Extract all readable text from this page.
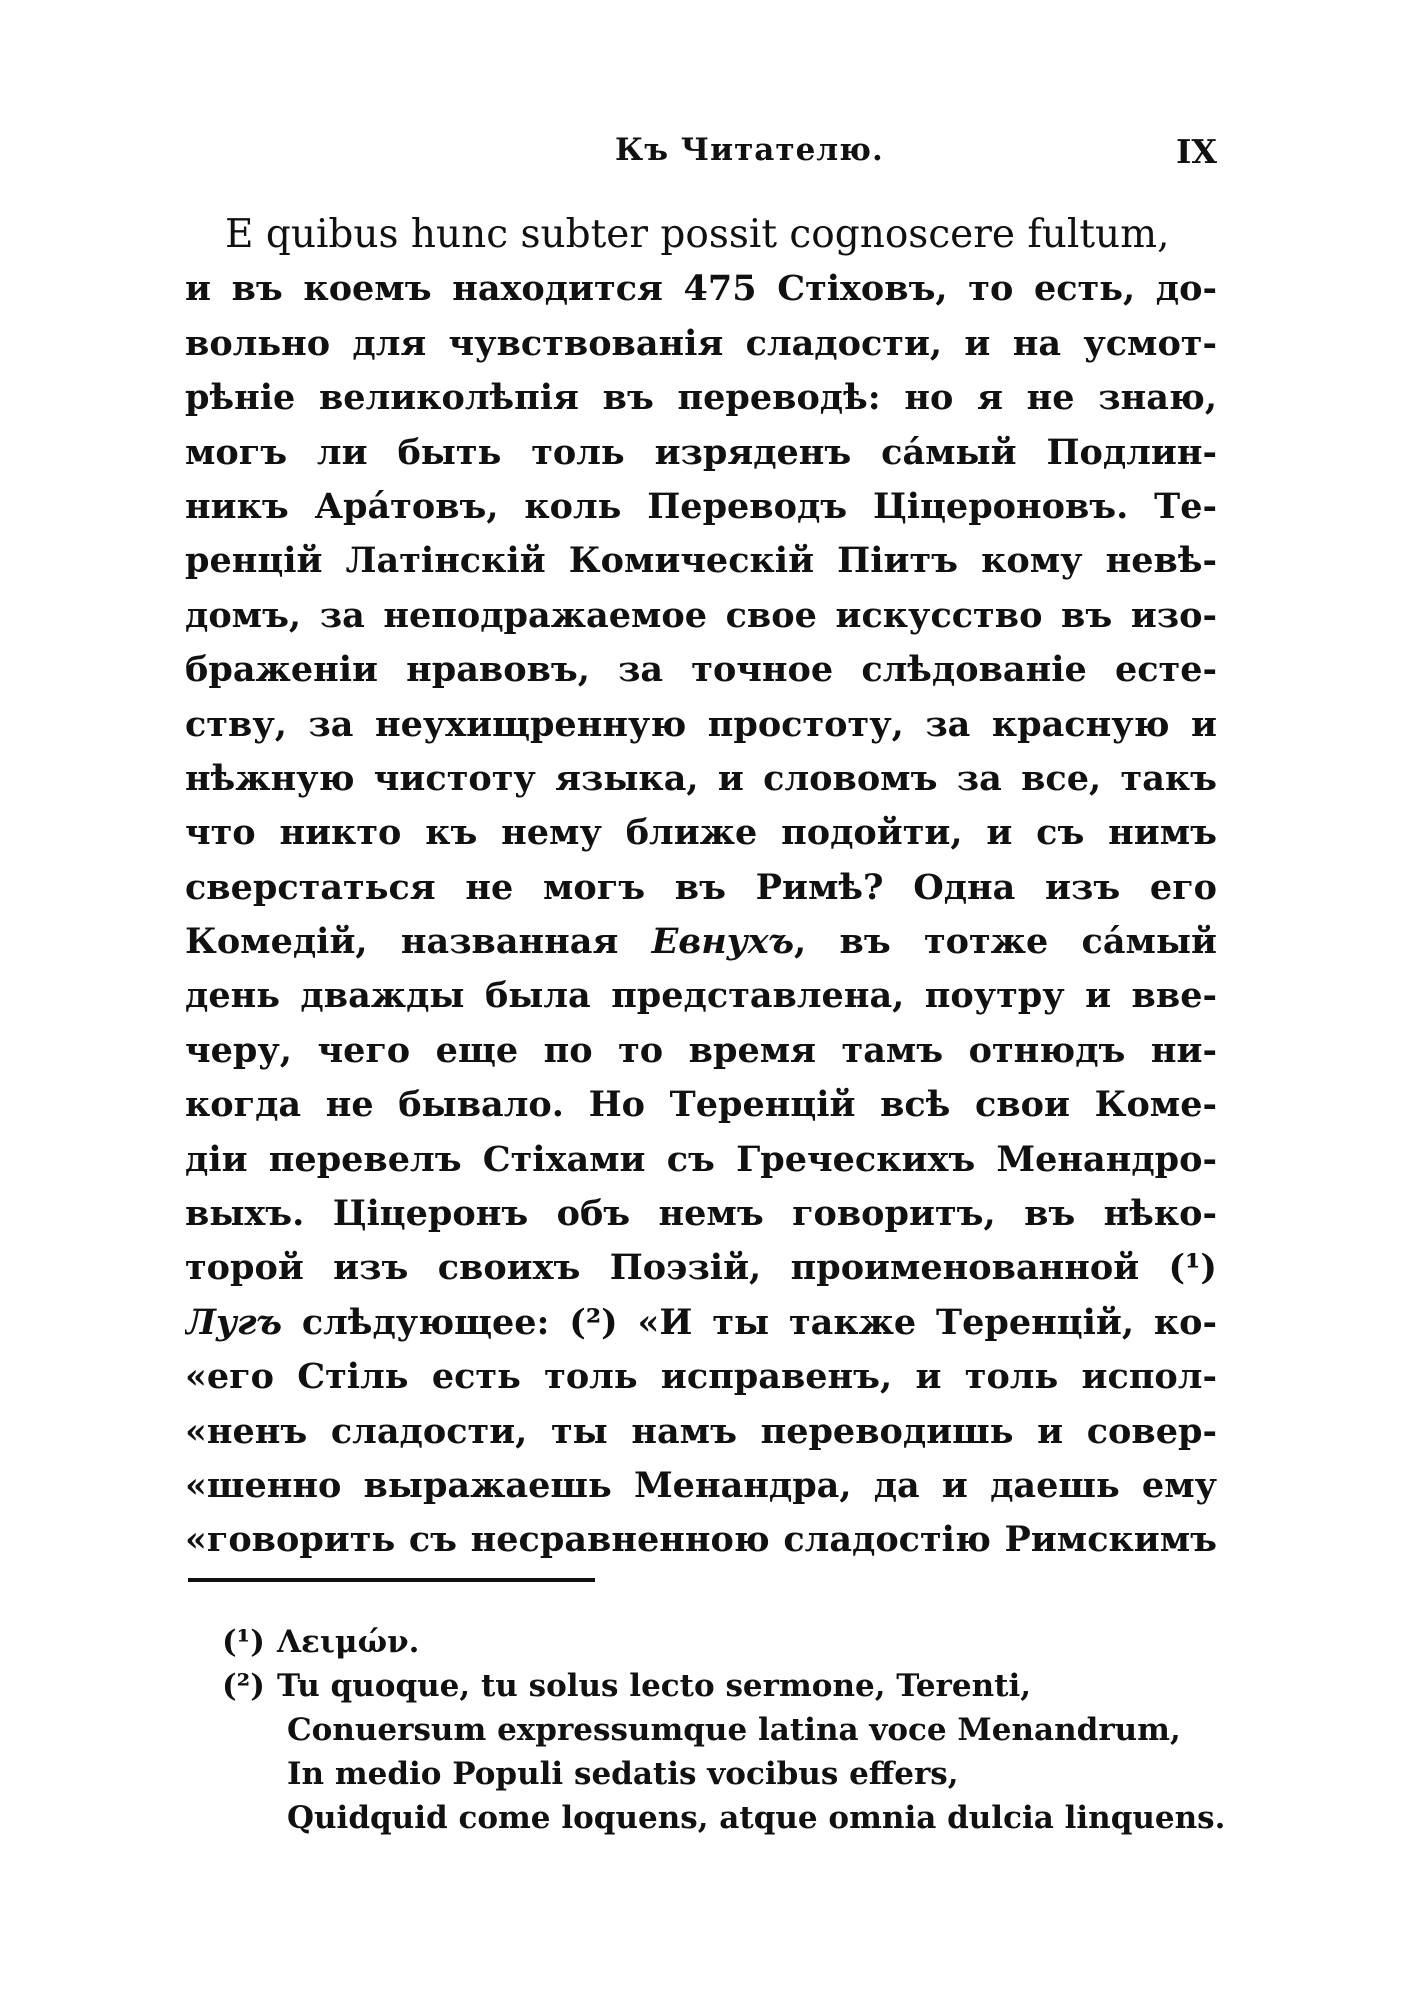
Къ Читателю.	IX
E quibus hunc subter possit cognoscere fultum,
и въ коемъ находится 475 Стіховъ, то есть, до-
вольно для чувствованія сладости, и на усмот-
рѣніе великолѣпія въ переводѣ: но я не знаю,
могъ ли быть толь изряденъ са́мый Подлин-
никъ Ара́товъ, коль Переводъ Ціцероновъ. Те-
ренцій Латінскій Комическій Піитъ кому невѣ-
домъ, за неподражаемое свое искусство въ изо-
браженіи нравовъ, за точное слѣдованіе есте-
ству, за неухищренную простоту, за красную и
нѣжную чистоту языка, и словомъ за все, такъ
что никто къ нему ближе подойти, и съ нимъ
сверстаться не могъ въ Римѣ? Одна изъ его
Комедій, названная Евнухъ, въ тотже са́мый
день дважды была представлена, поутру и вве-
черу, чего еще по то время тамъ отнюдъ ни-
когда не бывало. Но Теренцій всѣ свои Коме-
діи перевелъ Стіхами съ Греческихъ Менандро-
выхъ. Ціцеронъ объ немъ говоритъ, въ нѣко-
торой изъ своихъ Поэзій, проименованной (¹)
Лугъ слѣдующее: (²) «И ты также Теренцій, ко-
«его Стіль есть толь исправенъ, и толь испол-
«ненъ сладости, ты намъ переводишь и совер-
«шенно выражаешь Менандра, да и даешь ему
«говорить съ несравненною сладостію Римскимъ
(¹) Λειμών.
(²) Tu quoque, tu solus lecto sermone, Terenti,
Conuersum expressumque latina voce Menandrum,
In medio Populi sedatis vocibus effers,
Quidquid come loquens, atque omnia dulcia linquens.
